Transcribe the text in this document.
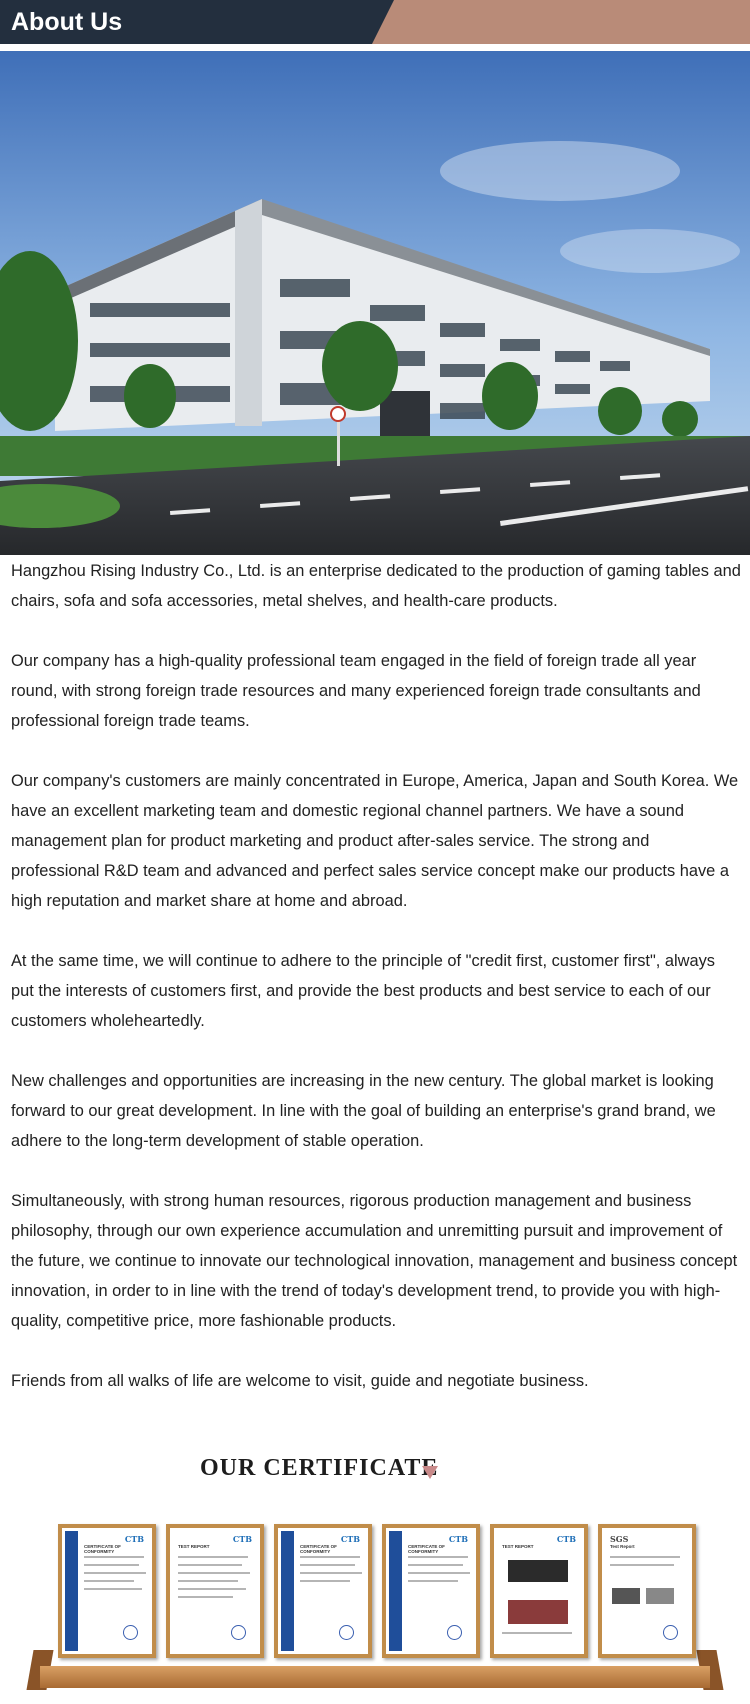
About Us

Hangzhou Rising Industry Co., Ltd. is an enterprise dedicated to the production of gaming tables and chairs, sofa and sofa accessories, metal shelves, and health-care products.

Our company has a high-quality professional team engaged in the field of foreign trade all year round, with strong foreign trade resources and many experienced foreign trade consultants and professional foreign trade teams.

Our company's customers are mainly concentrated in Europe, America, Japan and South Korea. We have an excellent marketing team and domestic regional channel partners. We have a sound management plan for product marketing and product after-sales service. The strong and professional R&D team and advanced and perfect sales service concept make our products have a high reputation and market share at home and abroad.

At the same time, we will continue to adhere to the principle of "credit first, customer first", always put the interests of customers first, and provide the best products and best service to each of our customers wholeheartedly.

New challenges and opportunities are increasing in the new century. The global market is looking forward to our great development. In line with the goal of building an enterprise's grand brand, we adhere to the long-term development of stable operation.

Simultaneously, with strong human resources, rigorous production management and business philosophy, through our own experience accumulation and unremitting pursuit and improvement of the future, we continue to innovate our technological innovation, management and business concept innovation, in order to in line with the trend of today's development trend, to provide you with high-quality, competitive price, more fashionable products.

Friends from all walks of life are welcome to visit, guide and negotiate business.

OUR CERTIFICATE
CTB
CERTIFICATE OF CONFORMITY
CTB
TEST REPORT
CTB
CERTIFICATE OF CONFORMITY
CTB
CERTIFICATE OF CONFORMITY
CTB
TEST REPORT
SGS
Test Report
